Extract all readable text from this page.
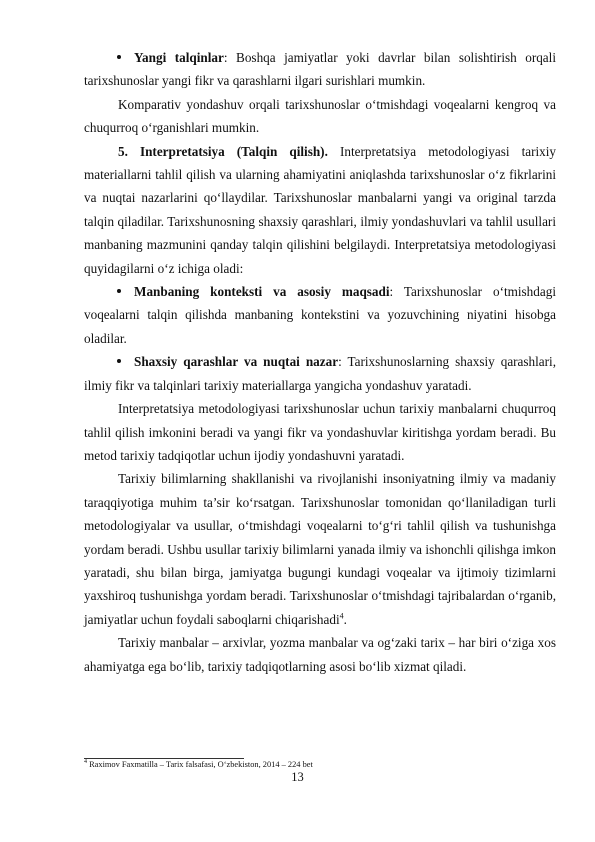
Yangi talqinlar: Boshqa jamiyatlar yoki davrlar bilan solishtirish orqali tarixshunoslar yangi fikr va qarashlarni ilgari surishlari mumkin.

Komparativ yondashuv orqali tarixshunoslar o‘tmishdagi voqealarni kengroq va chuqurroq o‘rganishlari mumkin.

5. Interpretatsiya (Talqin qilish). Interpretatsiya metodologiyasi tarixiy materiallarni tahlil qilish va ularning ahamiyatini aniqlashda tarixshunoslar o‘z fikrlarini va nuqtai nazarlarini qo‘llaydilar. Tarixshunoslar manbalarni yangi va original tarzda talqin qiladilar. Tarixshunosning shaxsiy qarashlari, ilmiy yondashuvlari va tahlil usullari manbaning mazmunini qanday talqin qilishini belgilaydi. Interpretatsiya metodologiyasi quyidagilarni o‘z ichiga oladi:

Manbaning konteksti va asosiy maqsadi: Tarixshunoslar o‘tmishdagi voqealarni talqin qilishda manbaning kontekstini va yozuvchining niyatini hisobga oladilar.

Shaxsiy qarashlar va nuqtai nazar: Tarixshunoslarning shaxsiy qarashlari, ilmiy fikr va talqinlari tarixiy materiallarga yangicha yondashuv yaratadi.

Interpretatsiya metodologiyasi tarixshunoslar uchun tarixiy manbalarni chuqurroq tahlil qilish imkonini beradi va yangi fikr va yondashuvlar kiritishga yordam beradi. Bu metod tarixiy tadqiqotlar uchun ijodiy yondashuvni yaratadi.

Tarixiy bilimlarning shakllanishi va rivojlanishi insoniyatning ilmiy va madaniy taraqqiyotiga muhim ta’sir ko‘rsatgan. Tarixshunoslar tomonidan qo‘llaniladigan turli metodologiyalar va usullar, o‘tmishdagi voqealarni to‘g‘ri tahlil qilish va tushunishga yordam beradi. Ushbu usullar tarixiy bilimlarni yanada ilmiy va ishonchli qilishga imkon yaratadi, shu bilan birga, jamiyatga bugungi kundagi voqealar va ijtimoiy tizimlarni yaxshiroq tushunishga yordam beradi. Tarixshunoslar o‘tmishdagi tajribalardan o‘rganib, jamiyatlar uchun foydali saboqlarni chiqarishadi$^4$.

Tarixiy manbalar – arxivlar, yozma manbalar va og‘zaki tarix – har biri o‘ziga xos ahamiyatga ega bo‘lib, tarixiy tadqiqotlarning asosi bo‘lib xizmat qiladi.

$^4$ Raximov Faxmatilla – Tarix falsafasi, O‘zbekiston, 2014 – 224 bet
13
